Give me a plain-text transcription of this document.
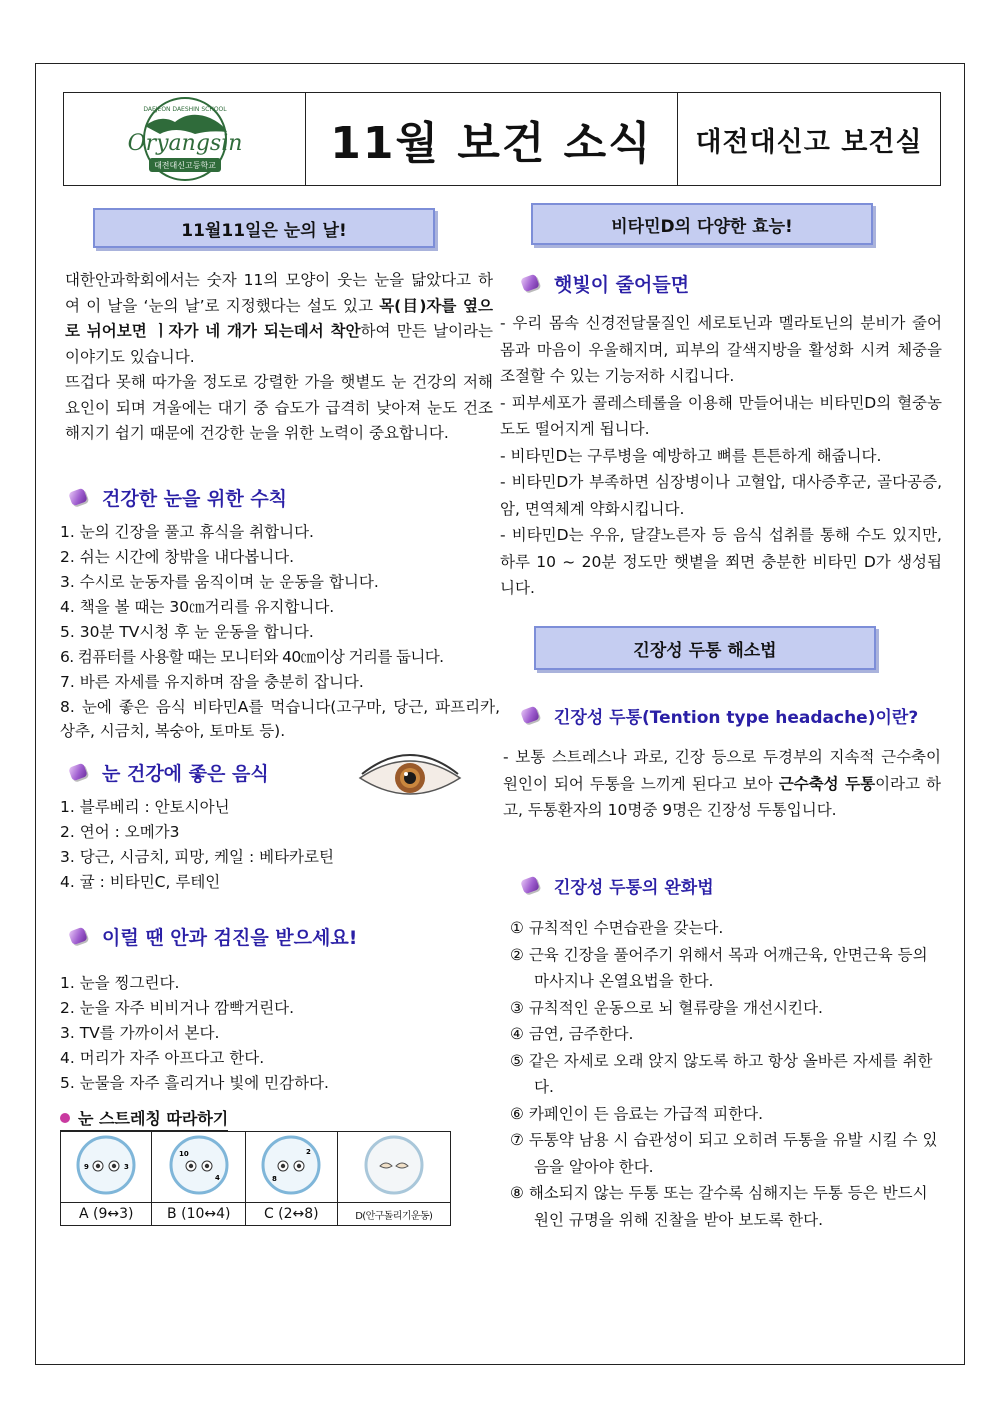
DAEJEON DAESHIN SCHOOL
Oryangsin
대전대신고등학교	11월 보건 소식 대전대신고 보건실
11월11일은 눈의 날!
대한안과학회에서는 숫자 11의 모양이 웃는 눈을 닮았다고 하여 이 날을 ‘눈의 날’로 지정했다는 설도 있고 목(目)자를 옆으로 뉘어보면 ㅣ자가 네 개가 되는데서 착안하여 만든 날이라는 이야기도 있습니다.
뜨겁다 못해 따가울 정도로 강렬한 가을 햇볕도 눈 건강의 저해요인이 되며 겨울에는 대기 중 습도가 급격히 낮아져 눈도 건조해지기 쉽기 때문에 건강한 눈을 위한 노력이 중요합니다.
건강한 눈을 위한 수칙
1. 눈의 긴장을 풀고 휴식을 취합니다.
2. 쉬는 시간에 창밖을 내다봅니다.
3. 수시로 눈동자를 움직이며 눈 운동을 합니다.
4. 책을 볼 때는 30㎝거리를 유지합니다.
5. 30분 TV시청 후 눈 운동을 합니다.
6. 컴퓨터를 사용할 때는 모니터와 40㎝이상 거리를 둡니다.
7. 바른 자세를 유지하며 잠을 충분히 잡니다.
8. 눈에 좋은 음식 비타민A를 먹습니다(고구마, 당근, 파프리카, 상추, 시금치, 복숭아, 토마토 등).
눈 건강에 좋은 음식
1. 블루베리 : 안토시아닌
2. 연어 : 오메가3
3. 당근, 시금치, 피망, 케일 : 베타카로틴
4. 귤 : 비타민C, 루테인
이럴 땐 안과 검진을 받으세요!
1. 눈을 찡그린다.
2. 눈을 자주 비비거나 깜빡거린다.
3. TV를 가까이서 본다.
4. 머리가 자주 아프다고 한다.
5. 눈물을 자주 흘리거나 빛에 민감하다.
눈 스트레칭 따라하기
9 3	10
4	2
8

A (9↔3)	B (10↔4)	C (2↔8)	D(안구돌리기운동)
비타민D의 다양한 효능!
햇빛이 줄어들면
- 우리 몸속 신경전달물질인 세로토닌과 멜라토닌의 분비가 줄어 몸과 마음이 우울해지며, 피부의 갈색지방을 활성화 시켜 체중을 조절할 수 있는 기능저하 시킵니다.
- 피부세포가 콜레스테롤을 이용해 만들어내는 비타민D의 혈중농도도 떨어지게 됩니다.
- 비타민D는 구루병을 예방하고 뼈를 튼튼하게 해줍니다.
- 비타민D가 부족하면 심장병이나 고혈압, 대사증후군, 골다공증, 암, 면역체계 약화시킵니다.
- 비타민D는 우유, 달걀노른자 등 음식 섭취를 통해 수도 있지만, 하루 10 ~ 20분 정도만 햇볕을 쬐면 충분한 비타민 D가 생성됩니다.
긴장성 두통 해소법
긴장성 두통(Tention type headache)이란?
- 보통 스트레스나 과로, 긴장 등으로 두경부의 지속적 근수축이 원인이 되어 두통을 느끼게 된다고 보아 근수축성 두통이라고 하고, 두통환자의 10명중 9명은 긴장성 두통입니다.
긴장성 두통의 완화법
① 규칙적인 수면습관을 갖는다.
② 근육 긴장을 풀어주기 위해서 목과 어깨근육, 안면근육 등의 마사지나 온열요법을 한다.
③ 규칙적인 운동으로 뇌 혈류량을 개선시킨다.
④ 금연, 금주한다.
⑤ 같은 자세로 오래 앉지 않도록 하고 항상 올바른 자세를 취한다.
⑥ 카페인이 든 음료는 가급적 피한다.
⑦ 두통약 남용 시 습관성이 되고 오히려 두통을 유발 시킬 수 있음을 알아야 한다.
⑧ 해소되지 않는 두통 또는 갈수록 심해지는 두통 등은 반드시 원인 규명을 위해 진찰을 받아 보도록 한다.
